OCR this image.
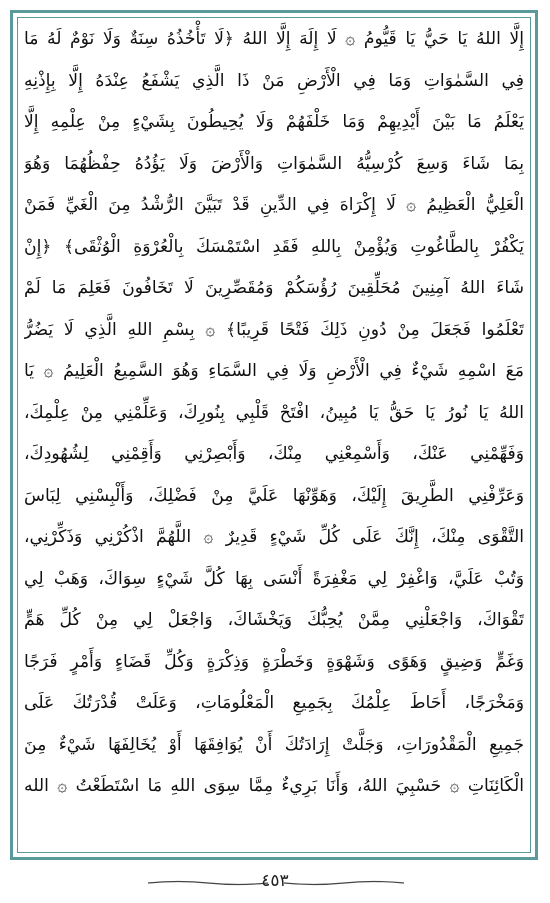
إِلَّا اللهُ يَا حَيُّ يَا قَيُّومُ ۞ لَا إِلَهَ إِلَّا اللهُ ﴿لَا تَأْخُذُهُ سِنَةٌ وَلَا نَوْمٌ لَهُ مَا
فِي السَّمٰوَاتِ وَمَا فِي الْأَرْضِ مَنْ ذَا الَّذِي يَشْفَعُ عِنْدَهُ إِلَّا بِإِذْنِهِ
يَعْلَمُ مَا بَيْنَ أَيْدِيهِمْ وَمَا خَلْفَهُمْ وَلَا يُحِيطُونَ بِشَيْءٍ مِنْ عِلْمِهِ إِلَّا
بِمَا شَاءَ وَسِعَ كُرْسِيُّهُ السَّمٰوَاتِ وَالْأَرْضَ وَلَا يَؤُدُهُ حِفْظُهُمَا وَهُوَ
الْعَلِيُّ الْعَظِيمُ ۞ لَا إِكْرَاهَ فِي الدِّينِ قَدْ تَبَيَّنَ الرُّشْدُ مِنَ الْغَيِّ فَمَنْ
يَكْفُرْ بِالطَّاغُوتِ وَيُؤْمِنْ بِاللهِ فَقَدِ اسْتَمْسَكَ بِالْعُرْوَةِ الْوُثْقَى﴾ ﴿إِنْ
شَاءَ اللهُ آمِنِينَ مُحَلِّقِينَ رُؤُسَكُمْ وَمُقَصِّرِينَ لَا تَخَافُونَ فَعَلِمَ مَا لَمْ
تَعْلَمُوا فَجَعَلَ مِنْ دُونِ ذَلِكَ فَتْحًا قَرِيبًا﴾ ۞ بِسْمِ اللهِ الَّذِي لَا يَضُرُّ
مَعَ اسْمِهِ شَيْءٌ فِي الْأَرْضِ وَلَا فِي السَّمَاءِ وَهُوَ السَّمِيعُ الْعَلِيمُ ۞ يَا
اللهُ يَا نُورُ يَا حَقُّ يَا مُبِينُ، افْتَحْ قَلْبِي بِنُورِكَ، وَعَلِّمْنِي مِنْ عِلْمِكَ،
وَفَهِّمْنِي عَنْكَ، وَأَسْمِعْنِي مِنْكَ، وَأَبْصِرْنِي وَأَقِمْنِي لِشُهُودِكَ،
وَعَرِّفْنِي الطَّرِيقَ إِلَيْكَ، وَهَوِّنْهَا عَلَيَّ مِنْ فَضْلِكَ، وَأَلْبِسْنِي لِبَاسَ
التَّقْوَى مِنْكَ، إِنَّكَ عَلَى كُلِّ شَيْءٍ قَدِيرٌ ۞ اللَّهُمَّ اذْكُرْنِي وَذَكِّرْنِي،
وَتُبْ عَلَيَّ، وَاغْفِرْ لِي مَغْفِرَةً أَنْسَى بِهَا كُلَّ شَيْءٍ سِوَاكَ، وَهَبْ لِي
تَقْوَاكَ، وَاجْعَلْنِي مِمَّنْ يُحِبُّكَ وَيَخْشَاكَ، وَاجْعَلْ لِي مِنْ كُلِّ هَمٍّ
وَغَمٍّ وَضِيقٍ وَهَوًى وَشَهْوَةٍ وَخَطْرَةٍ وَذِكْرَةٍ وَكُلِّ قَضَاءٍ وَأَمْرٍ فَرَجًا
وَمَخْرَجًا، أَحَاطَ عِلْمُكَ بِجَمِيعِ الْمَعْلُومَاتِ، وَعَلَتْ قُدْرَتُكَ عَلَى
جَمِيعِ الْمَقْدُورَاتِ، وَجَلَّتْ إِرَادَتُكَ أَنْ يُوَافِقَهَا أَوْ يُخَالِفَهَا شَيْءٌ مِنَ
الْكَائِنَاتِ ۞ حَسْبِيَ اللهُ، وَأَنَا بَرِيءٌ مِمَّا سِوَى اللهِ مَا اسْتَطَعْتُ ۞ الله
٤٥٣
